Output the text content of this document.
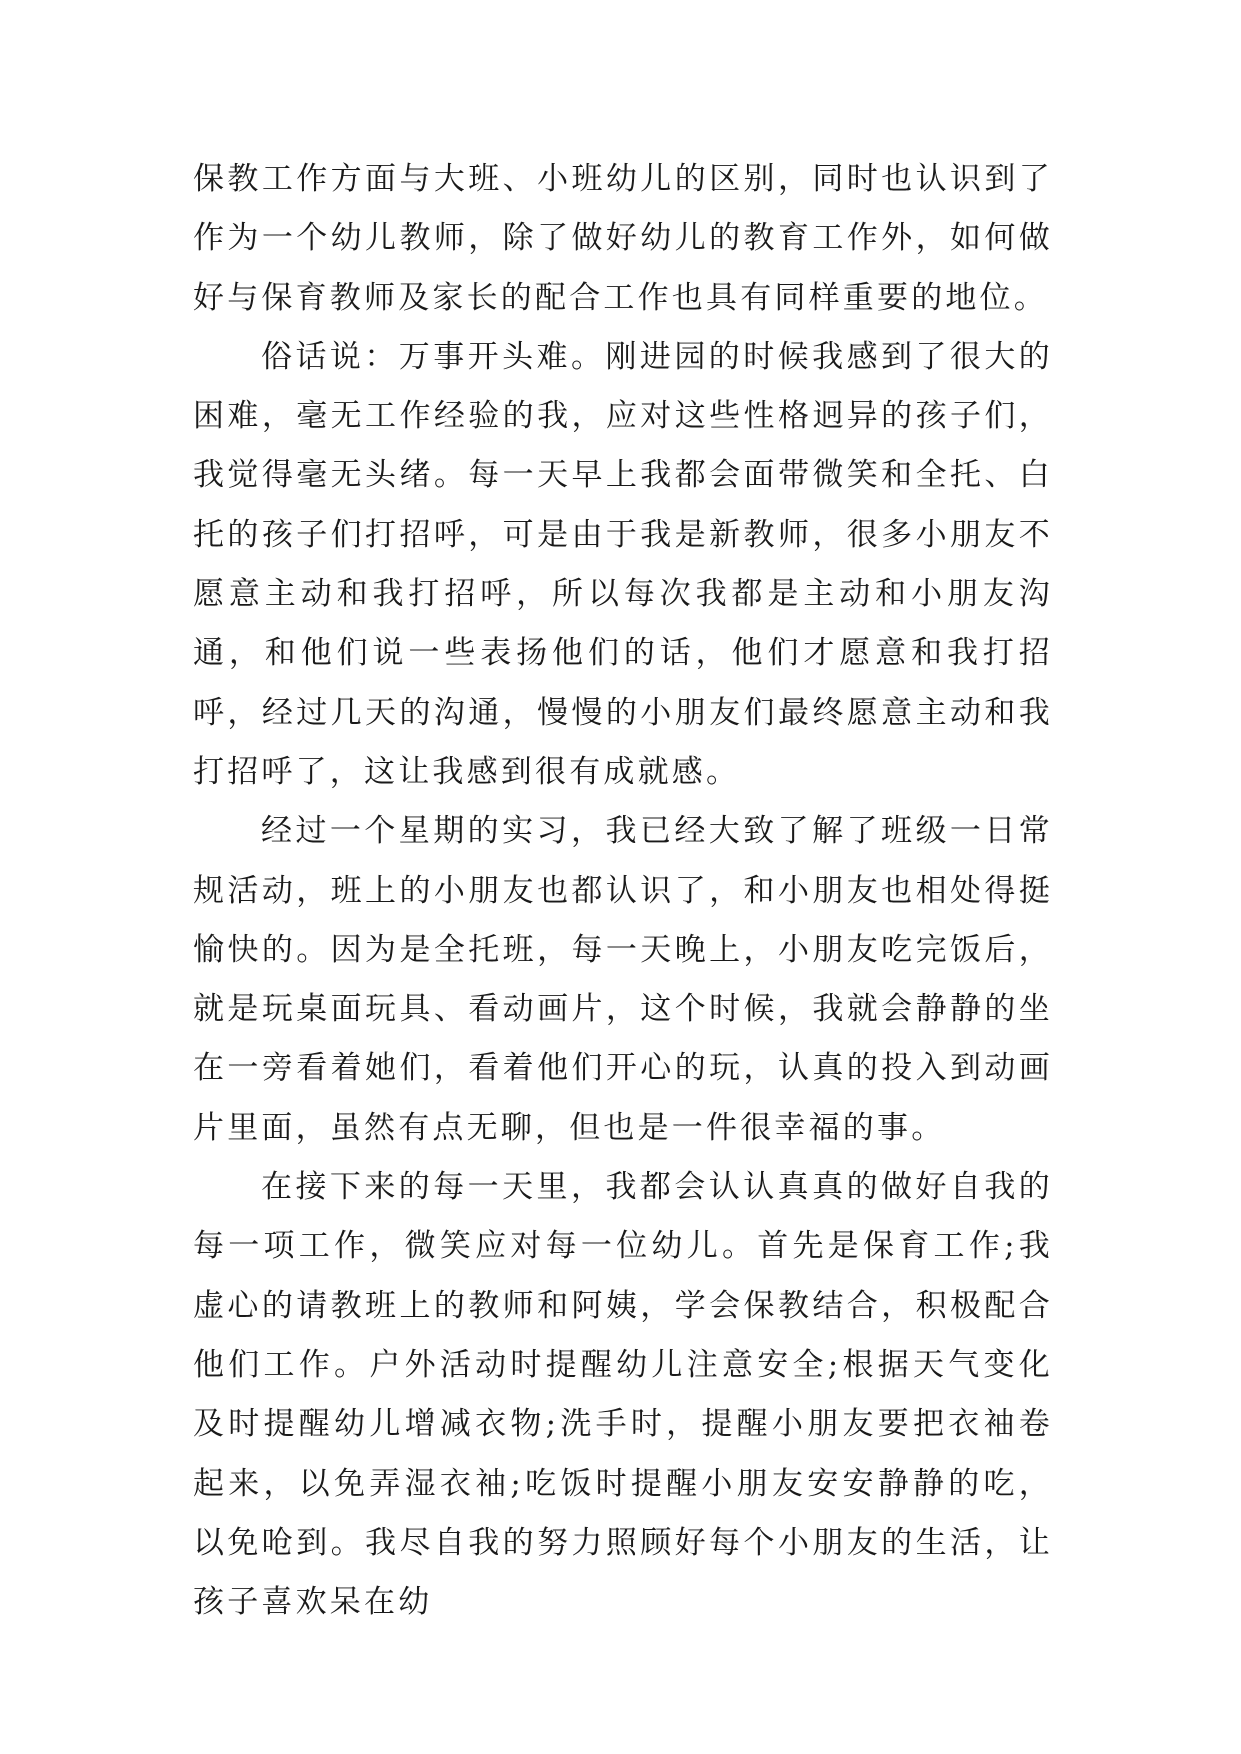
保教工作方面与大班、小班幼儿的区别，同时也认识到了作为一个幼儿教师，除了做好幼儿的教育工作外，如何做好与保育教师及家长的配合工作也具有同样重要的地位。

俗话说：万事开头难。刚进园的时候我感到了很大的困难，毫无工作经验的我，应对这些性格迥异的孩子们，我觉得毫无头绪。每一天早上我都会面带微笑和全托、白托的孩子们打招呼，可是由于我是新教师，很多小朋友不愿意主动和我打招呼，所以每次我都是主动和小朋友沟通，和他们说一些表扬他们的话，他们才愿意和我打招呼，经过几天的沟通，慢慢的小朋友们最终愿意主动和我打招呼了，这让我感到很有成就感。

经过一个星期的实习，我已经大致了解了班级一日常规活动，班上的小朋友也都认识了，和小朋友也相处得挺愉快的。因为是全托班，每一天晚上，小朋友吃完饭后，就是玩桌面玩具、看动画片，这个时候，我就会静静的坐在一旁看着她们，看着他们开心的玩，认真的投入到动画片里面，虽然有点无聊，但也是一件很幸福的事。

在接下来的每一天里，我都会认认真真的做好自我的每一项工作，微笑应对每一位幼儿。首先是保育工作;我虚心的请教班上的教师和阿姨，学会保教结合，积极配合他们工作。户外活动时提醒幼儿注意安全;根据天气变化及时提醒幼儿增减衣物;洗手时，提醒小朋友要把衣袖卷起来，以免弄湿衣袖;吃饭时提醒小朋友安安静静的吃，以免呛到。我尽自我的努力照顾好每个小朋友的生活，让孩子喜欢呆在幼
